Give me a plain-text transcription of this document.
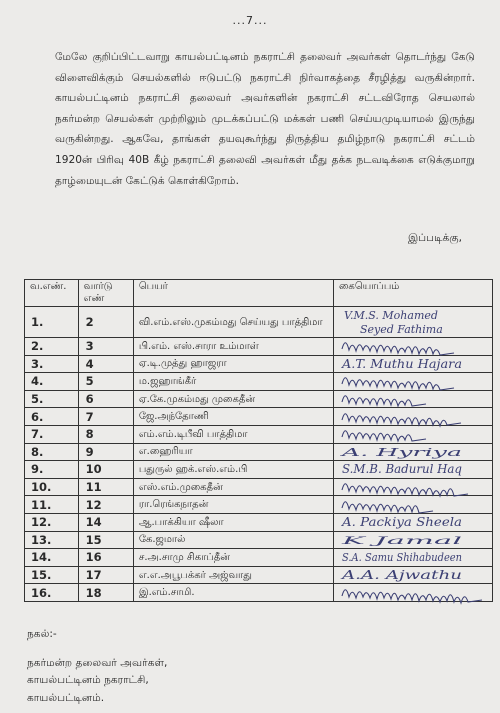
...7...

மேலே குறிப்பிட்டவாறு காயல்பட்டினம் நகராட்சி தலைவர் அவர்கள் தொடர்ந்து கேடு விளைவிக்கும் செயல்களில் ஈடுபட்டு நகராட்சி நிர்வாகத்தை சீரழித்து வருகின்றார். காயல்பட்டினம் நகராட்சி தலைவர் அவர்களின் நகராட்சி சட்டவிரோத செயலால் நகர்மன்ற செயல்கள் முற்றிலும் முடக்கப்பட்டு மக்கள் பணி செய்யமுடியாமல் இருந்து வருகின்றது. ஆகவே, தாங்கள் தயவுகூர்ந்து திருத்திய தமிழ்நாடு நகராட்சி சட்டம் 1920ன் பிரிவு 40B கீழ் நகராட்சி தலைவி அவர்கள் மீது தக்க நடவடிக்கை எடுக்குமாறு தாழ்மையுடன் கேட்டுக் கொள்கிறோம்.

இப்படிக்கு,
வ.எண்.	வார்டு எண்	பெயர்	கையொப்பம்
1.	2	வி.எம்.எஸ்.முகம்மது செய்யது பாத்திமா	V.M.S. Mohamed
Seyed Fathima

2.	3	பி.எம். எஸ்.சாரா உம்மாள்	

3.	4	ஏ.டி.முத்து ஹாஜரா	A.T. Muthu Hajara

4.	5	ம.ஜஹாங்கீர்	

5.	6	ஏ.கே.முகம்மது முகைதீன்	

6.	7	ஜே.அந்தோணி	

7.	8	எம்.எம்.டிபீவி பாத்திமா	

8.	9	எ.ஹைரியா	A. Hyriya

9.	10	பதுருல் ஹக்.எஸ்.எம்.பி	S.M.B. Badurul Haq

10.	11	எஸ்.எம்.முகைதீன்	

11.	12	ரா.ரெங்கநாதன்	

12.	14	ஆ.பாக்கியா ஷீலா	A. Packiya Sheela

13.	15	கே.ஜமால்	K Jamal

14.	16	ச.அ.சாமு சிகாப்தீன்	S.A. Samu Shihabudeen

15.	17	எ.எ.அபூபக்கர் அஜ்வாது	A.A. Ajwathu

16.	18	இ.எம்.சாமி.	
நகல்:-
நகர்மன்ற தலைவர் அவர்கள்,
காயல்பட்டினம் நகராட்சி,
காயல்பட்டினம்.
